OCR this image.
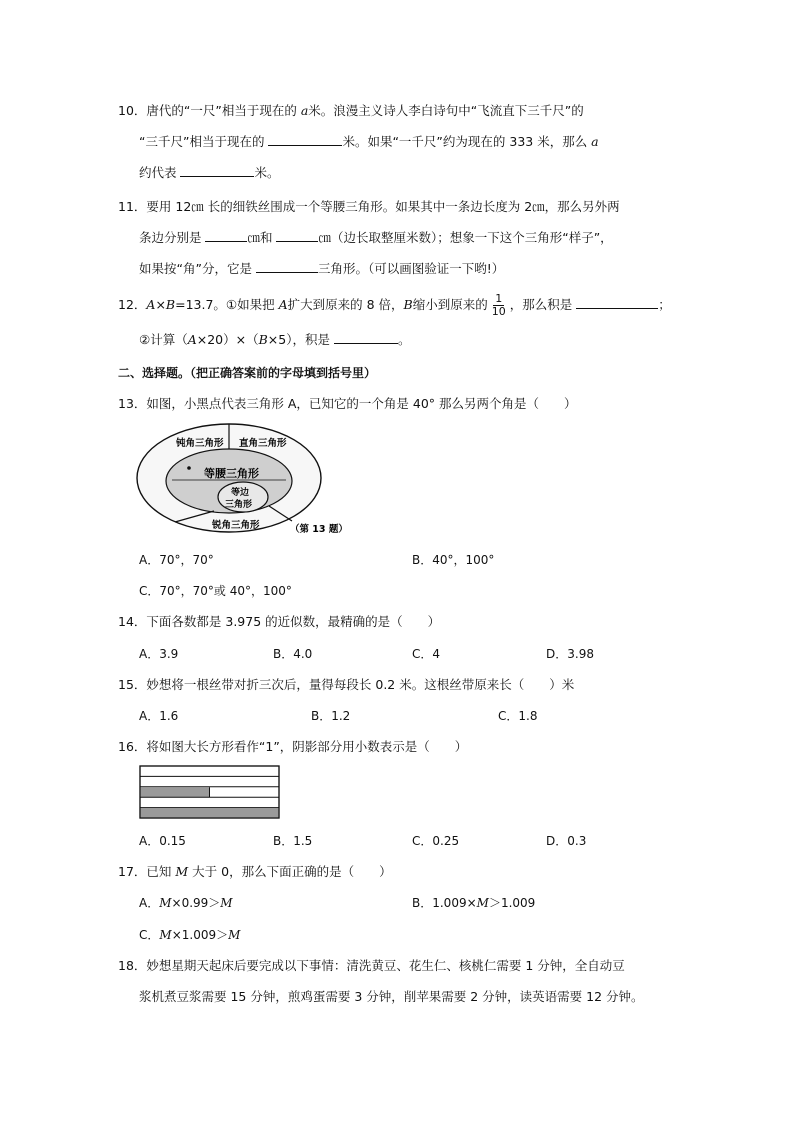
10．唐代的“一尺”相当于现在的 a米。浪漫主义诗人李白诗句中“飞流直下三千尺”的
“三千尺”相当于现在的	米。如果“一千尺”约为现在的 333 米，那么 a
约代表	米。
11．要用 12㎝ 长的细铁丝围成一个等腰三角形。如果其中一条边长度为 2㎝，那么另外两
条边分别是	㎝和	㎝（边长取整厘米数）；想象一下这个三角形“样子”，
如果按“角”分，它是	三角形。（可以画图验证一下哟!）
12．A×B=13.7。①如果把 A扩大到原来的 8 倍，B缩小到原来的 $\frac{1}{10}$ ，那么积是	；
②计算（A×20）×（B×5），积是	。
二、选择题。（把正确答案前的字母填到括号里）
13．如图，小黑点代表三角形 A，已知它的一个角是 40° 那么另两个角是（　　）
钝角三角形 直角三角形
等腰三角形
等边
三角形
锐角三角形	（第 13 题）
A．70°，70°	B．40°，100°
C．70°，70°或 40°，100°
14．下面各数都是 3.975 的近似数，最精确的是（　　）
A．3.9	B．4.0	C．4	D．3.98
15．妙想将一根丝带对折三次后，量得每段长 0.2 米。这根丝带原来长（　　）米
A．1.6	B．1.2	C．1.8
16．将如图大长方形看作“1”，阴影部分用小数表示是（　　）
A．0.15	B．1.5	C．0.25	D．0.3
17．已知 M 大于 0，那么下面正确的是（　　）
A．M×0.99＞M	B．1.009×M＞1.009
C．M×1.009＞M
18．妙想星期天起床后要完成以下事情：清洗黄豆、花生仁、核桃仁需要 1 分钟，全自动豆
浆机煮豆浆需要 15 分钟，煎鸡蛋需要 3 分钟，削苹果需要 2 分钟，读英语需要 12 分钟。
